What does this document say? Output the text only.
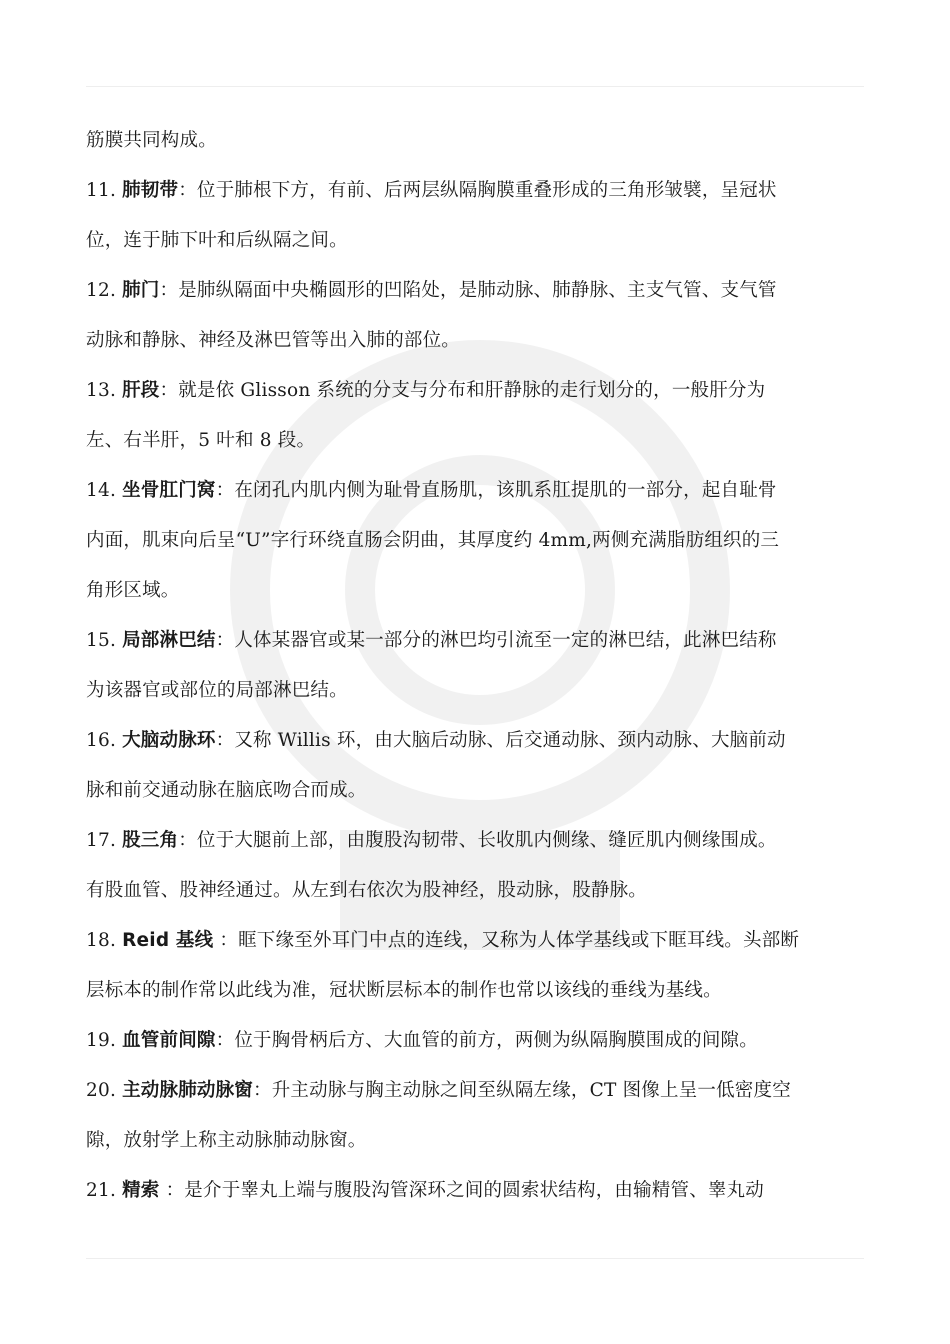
筋膜共同构成。
11. 肺韧带：位于肺根下方，有前、后两层纵隔胸膜重叠形成的三角形皱襞，呈冠状
位，连于肺下叶和后纵隔之间。
12. 肺门：是肺纵隔面中央椭圆形的凹陷处，是肺动脉、肺静脉、主支气管、支气管
动脉和静脉、神经及淋巴管等出入肺的部位。
13. 肝段：就是依 Glisson 系统的分支与分布和肝静脉的走行划分的，一般肝分为
左、右半肝，5 叶和 8 段。
14. 坐骨肛门窝：在闭孔内肌内侧为耻骨直肠肌，该肌系肛提肌的一部分，起自耻骨
内面，肌束向后呈“U”字行环绕直肠会阴曲，其厚度约 4mm,两侧充满脂肪组织的三
角形区域。
15. 局部淋巴结：人体某器官或某一部分的淋巴均引流至一定的淋巴结，此淋巴结称
为该器官或部位的局部淋巴结。
16. 大脑动脉环：又称 Willis 环，由大脑后动脉、后交通动脉、颈内动脉、大脑前动
脉和前交通动脉在脑底吻合而成。
17. 股三角：位于大腿前上部，由腹股沟韧带、长收肌内侧缘、缝匠肌内侧缘围成。
有股血管、股神经通过。从左到右依次为股神经，股动脉，股静脉。
18. Reid 基线 ：眶下缘至外耳门中点的连线，又称为人体学基线或下眶耳线。头部断
层标本的制作常以此线为准，冠状断层标本的制作也常以该线的垂线为基线。
19. 血管前间隙：位于胸骨柄后方、大血管的前方，两侧为纵隔胸膜围成的间隙。
20. 主动脉肺动脉窗：升主动脉与胸主动脉之间至纵隔左缘，CT 图像上呈一低密度空
隙，放射学上称主动脉肺动脉窗。
21. 精索 ：是介于睾丸上端与腹股沟管深环之间的圆索状结构，由输精管、睾丸动
